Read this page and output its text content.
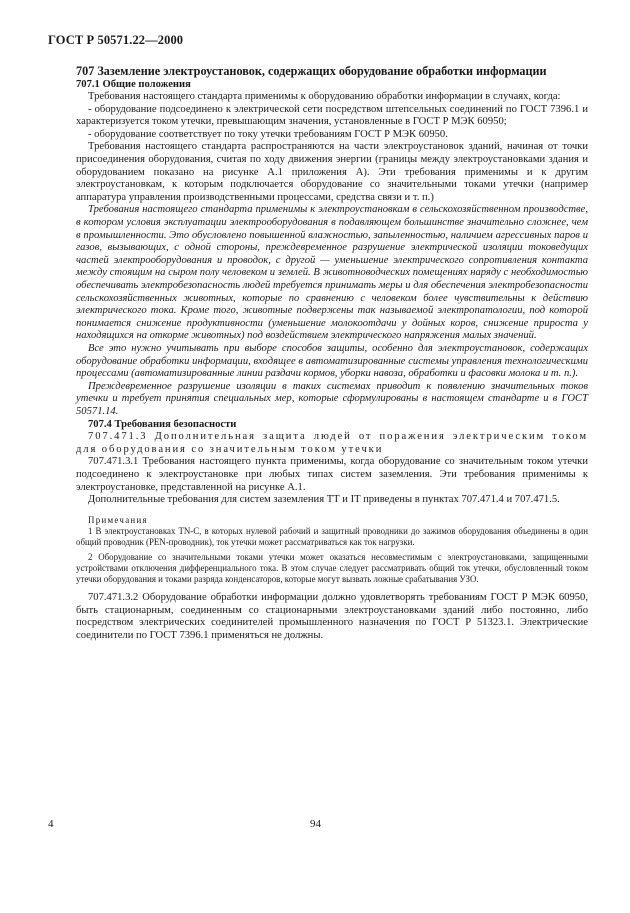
ГОСТ Р 50571.22—2000

707 Заземление электроустановок, содержащих оборудование обработки информации

707.1 Общие положения

Требования настоящего стандарта применимы к оборудованию обработки информации в случаях, когда:

- оборудование подсоединено к электрической сети посредством штепсельных соединений по ГОСТ 7396.1 и характеризуется током утечки, превышающим значения, установленные в ГОСТ Р МЭК 60950;

- оборудование соответствует по току утечки требованиям ГОСТ Р МЭК 60950.

Требования настоящего стандарта распространяются на части электроустановок зданий, начиная от точки присоединения оборудования, считая по ходу движения энергии (границы между электроустановками здания и оборудованием показано на рисунке А.1 приложения А). Эти требования применимы и к другим электроустановкам, к которым подключается оборудование со значительными токами утечки (например аппаратура управления производственными процессами, средства связи и т. п.)

Требования настоящего стандарта применимы к электроустановкам в сельскохозяйственном производстве, в котором условия эксплуатации электрооборудования в подавляющем большинстве значительно сложнее, чем в промышленности. Это обусловлено повышенной влажностью, запыленностью, наличием агрессивных паров и газов, вызывающих, с одной стороны, преждевременное разрушение электрической изоляции токоведущих частей электрооборудования и проводок, с другой — уменьшение электрического сопротивления контакта между стоящим на сыром полу человеком и землей. В животноводческих помещениях наряду с необходимостью обеспечивать электробезопасность людей требуется принимать меры и для обеспечения электробезопасности сельскохозяйственных животных, которые по сравнению с человеком более чувствительны к действию электрического тока. Кроме того, животные подвержены так называемой электропатологии, под которой понимается снижение продуктивности (уменьшение молокоотдачи у дойных коров, снижение прироста у находящихся на откорме животных) под воздействием электрического напряжения малых значений.

Все это нужно учитывать при выборе способов защиты, особенно для электроустановок, содержащих оборудование обработки информации, входящее в автоматизированные системы управления технологическими процессами (автоматизированные линии раздачи кормов, уборки навоза, обработки и фасовки молока и т. п.).

Преждевременное разрушение изоляции в таких системах приводит к появлению значительных токов утечки и требует принятия специальных мер, которые сформулированы в настоящем стандарте и в ГОСТ 50571.14.

707.4 Требования безопасности

707.471.3 Дополнительная защита людей от поражения электрическим током для оборудования со значительным током утечки

707.471.3.1 Требования настоящего пункта применимы, когда оборудование со значительным током утечки подсоединено к электроустановке при любых типах систем заземления. Эти требования применимы к электроустановке, представленной на рисунке А.1.

Дополнительные требования для систем заземления ТТ и IT приведены в пунктах 707.471.4 и 707.471.5.

Примечания

1 В электроустановках TN-C, в которых нулевой рабочий и защитный проводники до зажимов оборудования объединены в один общий проводник (PEN-проводник), ток утечки может рассматриваться как ток нагрузки.

2 Оборудование со значительными токами утечки может оказаться несовместимым с электроустановками, защищенными устройствами отключения дифференциального тока. В этом случае следует рассматривать общий ток утечки, обусловленный током утечки оборудования и токами разряда конденсаторов, которые могут вызвать ложные срабатывания УЗО.

707.471.3.2 Оборудование обработки информации должно удовлетворять требованиям ГОСТ Р МЭК 60950, быть стационарным, соединенным со стационарными электроустановками зданий либо постоянно, либо посредством электрических соединителей промышленного назначения по ГОСТ Р 51323.1. Электрические соединители по ГОСТ 7396.1 применяться не должны.

4	94
